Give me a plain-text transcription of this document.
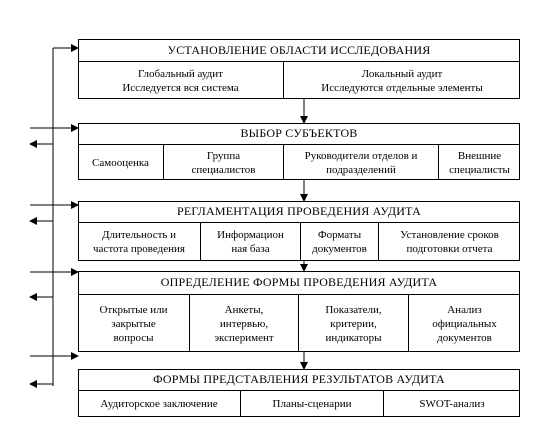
УСТАНОВЛЕНИЕ ОБЛАСТИ ИССЛЕДОВАНИЯ
Глобальный аудит
Исследуется вся система
Локальный аудит
Исследуются отдельные элементы
ВЫБОР СУБЪЕКТОВ
Самооценка
Группа
специалистов
Руководители отделов и
подразделений
Внешние
специалисты
РЕГЛАМЕНТАЦИЯ ПРОВЕДЕНИЯ АУДИТА
Длительность и
частота проведения
Информацион
ная база
Форматы
документов
Установление сроков
подготовки отчета
ОПРЕДЕЛЕНИЕ ФОРМЫ ПРОВЕДЕНИЯ АУДИТА
Открытые или
закрытые
вопросы
Анкеты,
интервью,
эксперимент
Показатели,
критерии,
индикаторы
Анализ
официальных
документов
ФОРМЫ ПРЕДСТАВЛЕНИЯ РЕЗУЛЬТАТОВ АУДИТА
Аудиторское заключение	Планы-сценарии	SWOT-анализ
